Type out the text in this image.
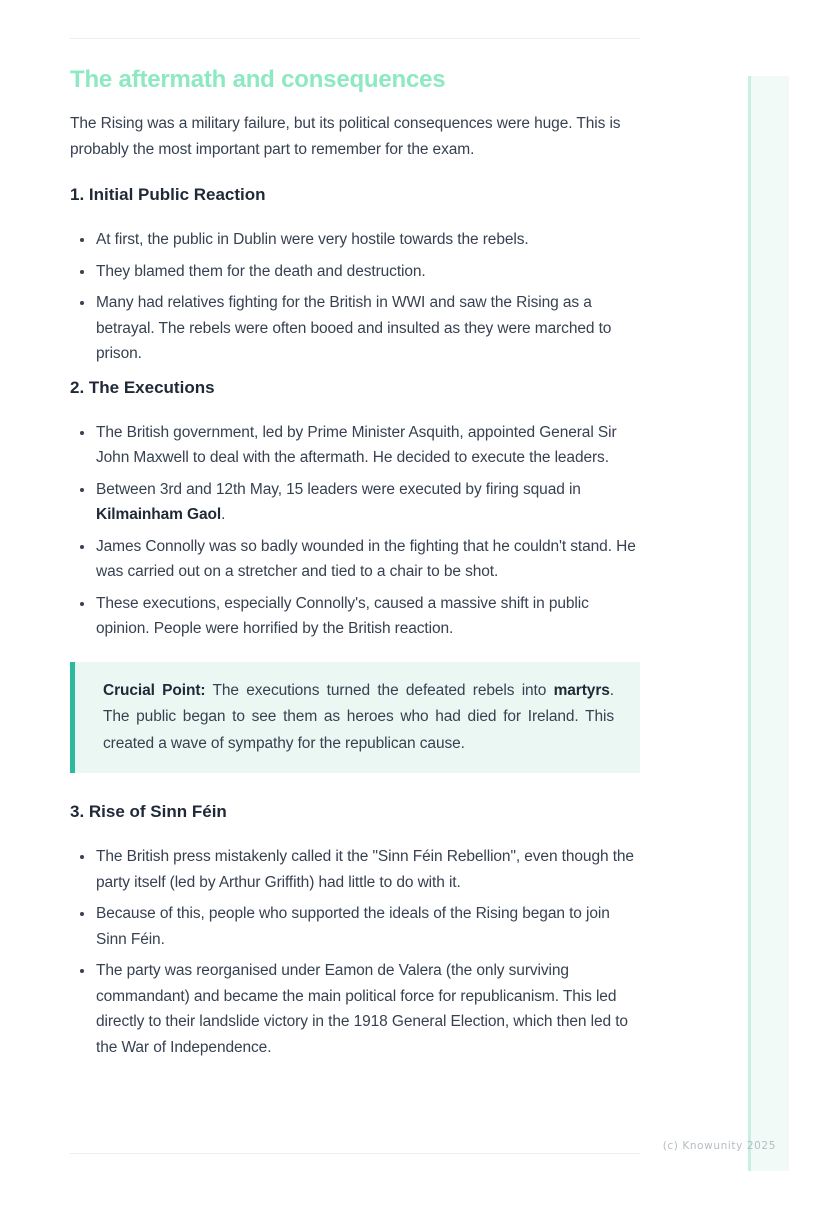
The aftermath and consequences

The Rising was a military failure, but its political consequences were huge. This is probably the most important part to remember for the exam.

1. Initial Public Reaction
• At first, the public in Dublin were very hostile towards the rebels.
• They blamed them for the death and destruction.
• Many had relatives fighting for the British in WWI and saw the Rising as a betrayal. The rebels were often booed and insulted as they were marched to prison.
2. The Executions
• The British government, led by Prime Minister Asquith, appointed General Sir John Maxwell to deal with the aftermath. He decided to execute the leaders.
• Between 3rd and 12th May, 15 leaders were executed by firing squad in Kilmainham Gaol.
• James Connolly was so badly wounded in the fighting that he couldn't stand. He was carried out on a stretcher and tied to a chair to be shot.
• These executions, especially Connolly's, caused a massive shift in public opinion. People were horrified by the British reaction.

Crucial Point: The executions turned the defeated rebels into martyrs. The public began to see them as heroes who had died for Ireland. This created a wave of sympathy for the republican cause.

3. Rise of Sinn Féin
• The British press mistakenly called it the "Sinn Féin Rebellion", even though the party itself (led by Arthur Griffith) had little to do with it.
• Because of this, people who supported the ideals of the Rising began to join Sinn Féin.
• The party was reorganised under Eamon de Valera (the only surviving commandant) and became the main political force for republicanism. This led directly to their landslide victory in the 1918 General Election, which then led to the War of Independence.
(c) Knowunity 2025
